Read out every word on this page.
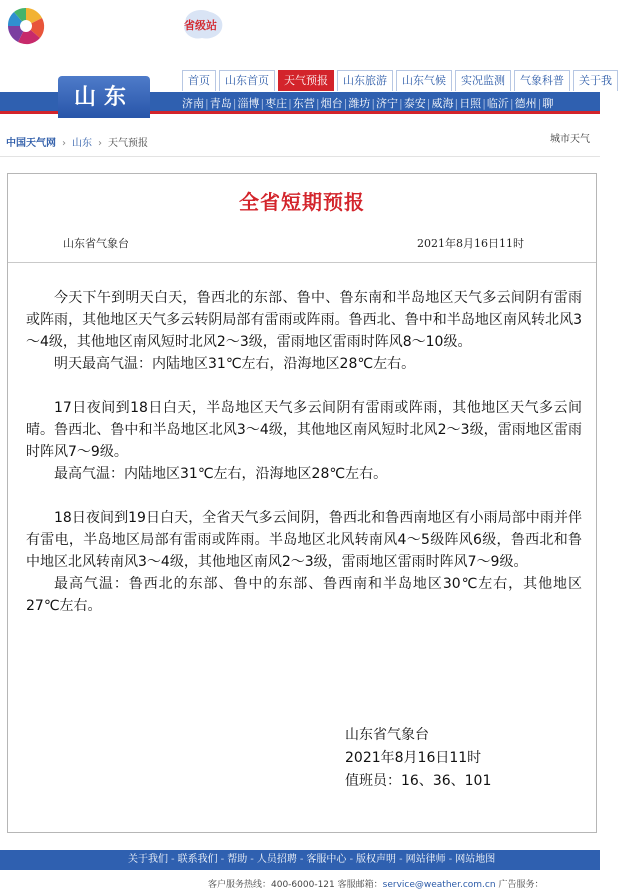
省级站
首页	山东首页	天气预报	山东旅游	山东气候	实况监测	气象科普	关于我
山东	济南 | 青岛 | 淄博 | 枣庄 | 东营 | 烟台 | 潍坊 | 济宁 | 泰安 | 威海 | 日照 | 临沂 | 德州 | 聊
中国天气网 › 山东 › 天气预报	城市天气
全省短期预报
山东省气象台	2021年8月16日11时

今天下午到明天白天，鲁西北的东部、鲁中、鲁东南和半岛地区天气多云间阴有雷雨或阵雨，其他地区天气多云转阴局部有雷雨或阵雨。鲁西北、鲁中和半岛地区南风转北风3～4级，其他地区南风短时北风2～3级，雷雨地区雷雨时阵风8～10级。

明天最高气温：内陆地区31℃左右，沿海地区28℃左右。

17日夜间到18日白天，半岛地区天气多云间阴有雷雨或阵雨，其他地区天气多云间晴。鲁西北、鲁中和半岛地区北风3～4级，其他地区南风短时北风2～3级，雷雨地区雷雨时阵风7～9级。

最高气温：内陆地区31℃左右，沿海地区28℃左右。

18日夜间到19日白天，全省天气多云间阴，鲁西北和鲁西南地区有小雨局部中雨并伴有雷电，半岛地区局部有雷雨或阵雨。半岛地区北风转南风4～5级阵风6级，鲁西北和鲁中地区北风转南风3～4级，其他地区南风2～3级，雷雨地区雷雨时阵风7～9级。

最高气温：鲁西北的东部、鲁中的东部、鲁西南和半岛地区30℃左右，其他地区27℃左右。

山东省气象台
2021年8月16日11时
值班员：16、36、101
关于我们 - 联系我们 - 帮助 - 人员招聘 - 客服中心 - 版权声明 - 网站律师 - 网站地图
客户服务热线：400-6000-121 客服邮箱：service@weather.com.cn 广告服务：
